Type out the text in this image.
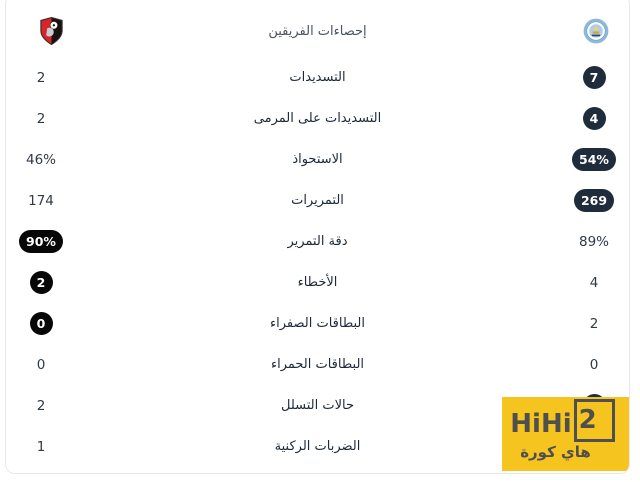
إحصاءات الفريقين
2	التسديدات	7
2	التسديدات على المرمى	4
46%	الاستحواذ	54%
174	التمريرات	269
90%	دقة التمرير	89%
2	الأخطاء	4
0	البطاقات الصفراء	2
0	البطاقات الحمراء	0
2	حالات التسلل
1	الضربات الركنية
HiHi 2
هاي كورة
